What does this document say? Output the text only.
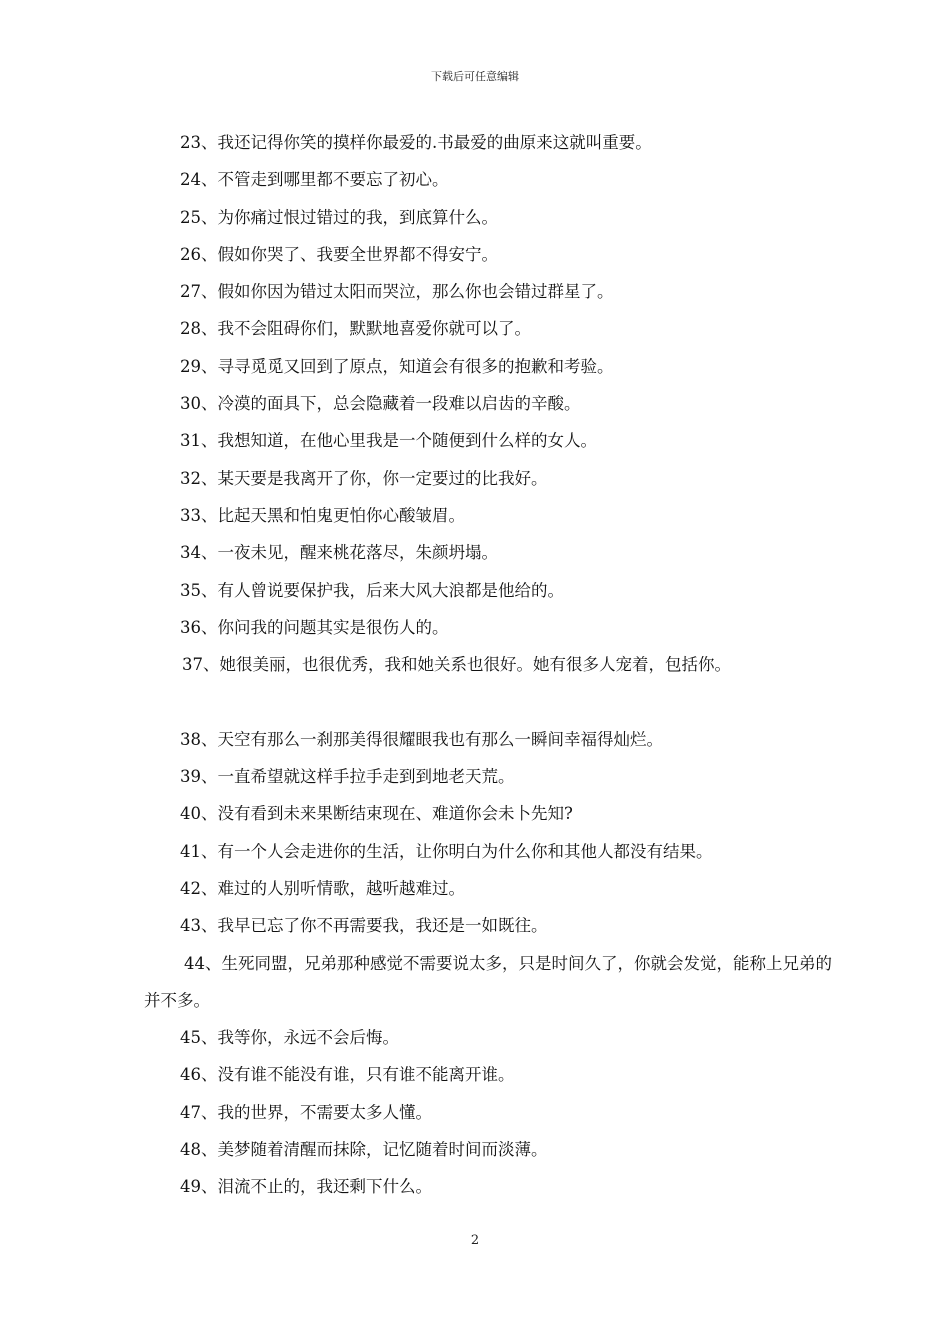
下载后可任意编辑
23、我还记得你笑的摸样你最爱的.书最爱的曲原来这就叫重要。
24、不管走到哪里都不要忘了初心。
25、为你痛过恨过错过的我，到底算什么。
26、假如你哭了、我要全世界都不得安宁。
27、假如你因为错过太阳而哭泣，那么你也会错过群星了。
28、我不会阻碍你们，默默地喜爱你就可以了。
29、寻寻觅觅又回到了原点，知道会有很多的抱歉和考验。
30、冷漠的面具下，总会隐藏着一段难以启齿的辛酸。
31、我想知道，在他心里我是一个随便到什么样的女人。
32、某天要是我离开了你，你一定要过的比我好。
33、比起天黑和怕鬼更怕你心酸皱眉。
34、一夜未见，醒来桃花落尽，朱颜坍塌。
35、有人曾说要保护我，后来大风大浪都是他给的。
36、你问我的问题其实是很伤人的。
37、她很美丽，也很优秀，我和她关系也很好。她有很多人宠着，包括你。
38、天空有那么一刹那美得很耀眼我也有那么一瞬间幸福得灿烂。
39、一直希望就这样手拉手走到到地老天荒。
40、没有看到未来果断结束现在、难道你会未卜先知?
41、有一个人会走进你的生活，让你明白为什么你和其他人都没有结果。
42、难过的人别听情歌，越听越难过。
43、我早已忘了你不再需要我，我还是一如既往。
44、生死同盟，兄弟那种感觉不需要说太多，只是时间久了，你就会发觉，能称上兄弟的并不多。
45、我等你，永远不会后悔。
46、没有谁不能没有谁，只有谁不能离开谁。
47、我的世界，不需要太多人懂。
48、美梦随着清醒而抹除，记忆随着时间而淡薄。
49、泪流不止的，我还剩下什么。
2
